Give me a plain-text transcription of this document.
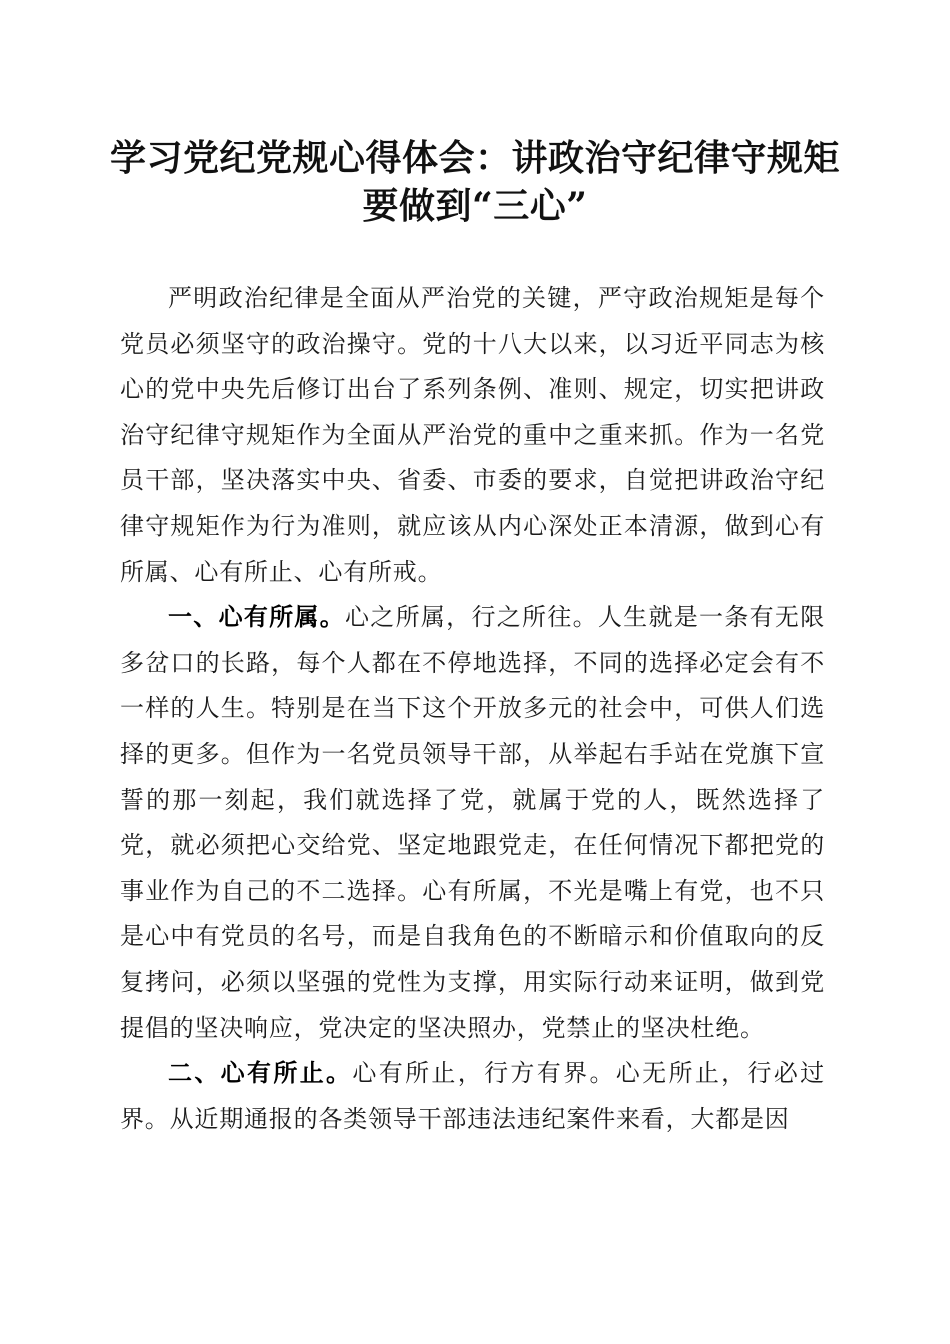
学习党纪党规心得体会：讲政治守纪律守规矩
要做到“三心”

严明政治纪律是全面从严治党的关键，严守政治规矩是每个党员必须坚守的政治操守。党的十八大以来，以习近平同志为核心的党中央先后修订出台了系列条例、准则、规定，切实把讲政治守纪律守规矩作为全面从严治党的重中之重来抓。作为一名党员干部，坚决落实中央、省委、市委的要求，自觉把讲政治守纪律守规矩作为行为准则，就应该从内心深处正本清源，做到心有所属、心有所止、心有所戒。

一、心有所属。心之所属，行之所往。人生就是一条有无限多岔口的长路，每个人都在不停地选择，不同的选择必定会有不一样的人生。特别是在当下这个开放多元的社会中，可供人们选择的更多。但作为一名党员领导干部，从举起右手站在党旗下宣誓的那一刻起，我们就选择了党，就属于党的人，既然选择了党，就必须把心交给党、坚定地跟党走，在任何情况下都把党的事业作为自己的不二选择。心有所属，不光是嘴上有党，也不只是心中有党员的名号，而是自我角色的不断暗示和价值取向的反复拷问，必须以坚强的党性为支撑，用实际行动来证明，做到党提倡的坚决响应，党决定的坚决照办，党禁止的坚决杜绝。

二、心有所止。心有所止，行方有界。心无所止，行必过界。从近期通报的各类领导干部违法违纪案件来看，大都是因
